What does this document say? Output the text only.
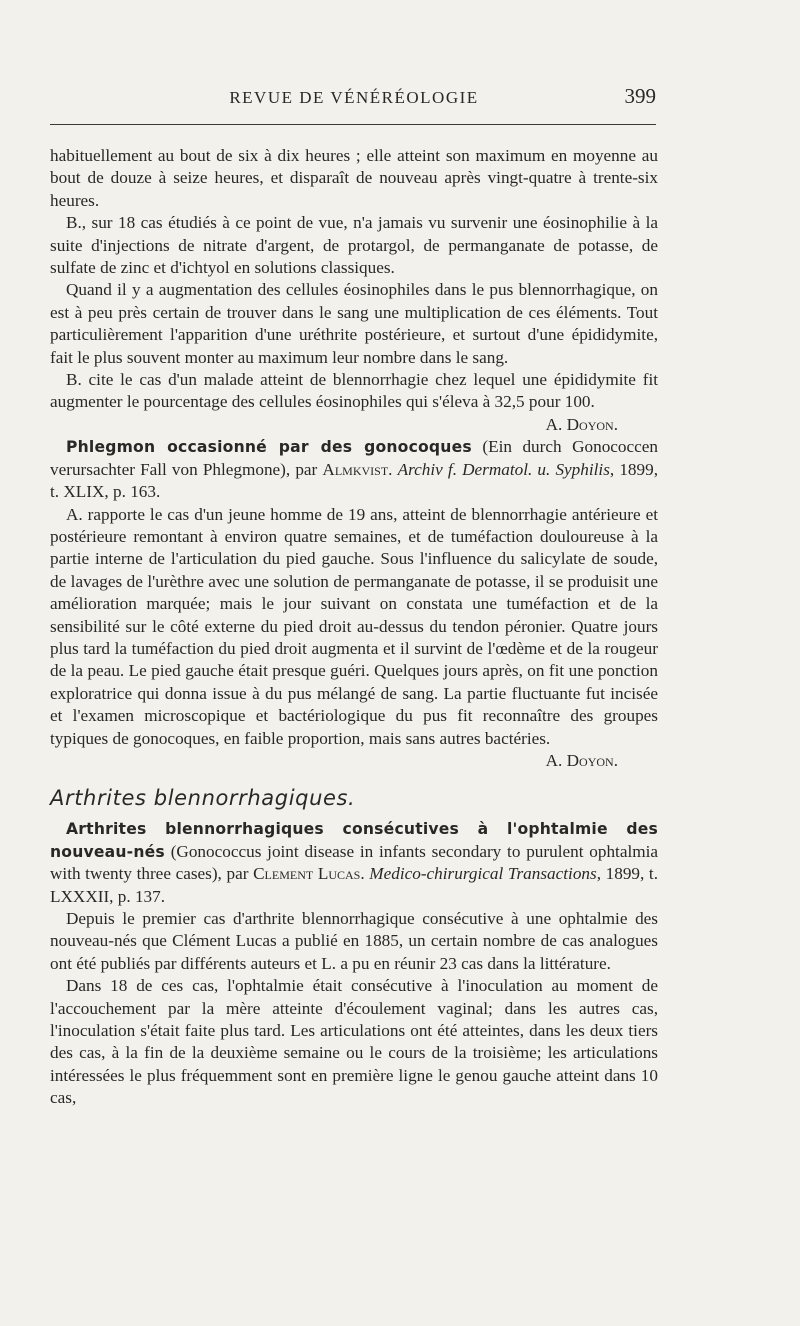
REVUE DE VÉNÉRÉOLOGIE	399

habituellement au bout de six à dix heures ; elle atteint son maximum en moyenne au bout de douze à seize heures, et disparaît de nouveau après vingt-quatre à trente-six heures.

B., sur 18 cas étudiés à ce point de vue, n'a jamais vu survenir une éosinophilie à la suite d'injections de nitrate d'argent, de protargol, de permanganate de potasse, de sulfate de zinc et d'ichtyol en solutions classiques.

Quand il y a augmentation des cellules éosinophiles dans le pus blennorrhagique, on est à peu près certain de trouver dans le sang une multiplication de ces éléments. Tout particulièrement l'apparition d'une uréthrite postérieure, et surtout d'une épididymite, fait le plus souvent monter au maximum leur nombre dans le sang.

B. cite le cas d'un malade atteint de blennorrhagie chez lequel une épididymite fit augmenter le pourcentage des cellules éosinophiles qui s'éleva à 32,5 pour 100.
A. Doyon.

Phlegmon occasionné par des gonocoques (Ein durch Gonococcen verursachter Fall von Phlegmone), par Almkvist. Archiv f. Dermatol. u. Syphilis, 1899, t. XLIX, p. 163.

A. rapporte le cas d'un jeune homme de 19 ans, atteint de blennorrhagie antérieure et postérieure remontant à environ quatre semaines, et de tuméfaction douloureuse à la partie interne de l'articulation du pied gauche. Sous l'influence du salicylate de soude, de lavages de l'urèthre avec une solution de permanganate de potasse, il se produisit une amélioration marquée; mais le jour suivant on constata une tuméfaction et de la sensibilité sur le côté externe du pied droit au-dessus du tendon péronier. Quatre jours plus tard la tuméfaction du pied droit augmenta et il survint de l'œdème et de la rougeur de la peau. Le pied gauche était presque guéri. Quelques jours après, on fit une ponction exploratrice qui donna issue à du pus mélangé de sang. La partie fluctuante fut incisée et l'examen microscopique et bactériologique du pus fit reconnaître des groupes typiques de gonocoques, en faible proportion, mais sans autres bactéries.
A. Doyon.

Arthrites blennorrhagiques.

Arthrites blennorrhagiques consécutives à l'ophtalmie des nouveau-nés (Gonococcus joint disease in infants secondary to purulent ophtalmia with twenty three cases), par Clement Lucas. Medico-chirurgical Transactions, 1899, t. LXXXII, p. 137.

Depuis le premier cas d'arthrite blennorrhagique consécutive à une ophtalmie des nouveau-nés que Clément Lucas a publié en 1885, un certain nombre de cas analogues ont été publiés par différents auteurs et L. a pu en réunir 23 cas dans la littérature.

Dans 18 de ces cas, l'ophtalmie était consécutive à l'inoculation au moment de l'accouchement par la mère atteinte d'écoulement vaginal; dans les autres cas, l'inoculation s'était faite plus tard. Les articulations ont été atteintes, dans les deux tiers des cas, à la fin de la deuxième semaine ou le cours de la troisième; les articulations intéressées le plus fréquemment sont en première ligne le genou gauche atteint dans 10 cas,
